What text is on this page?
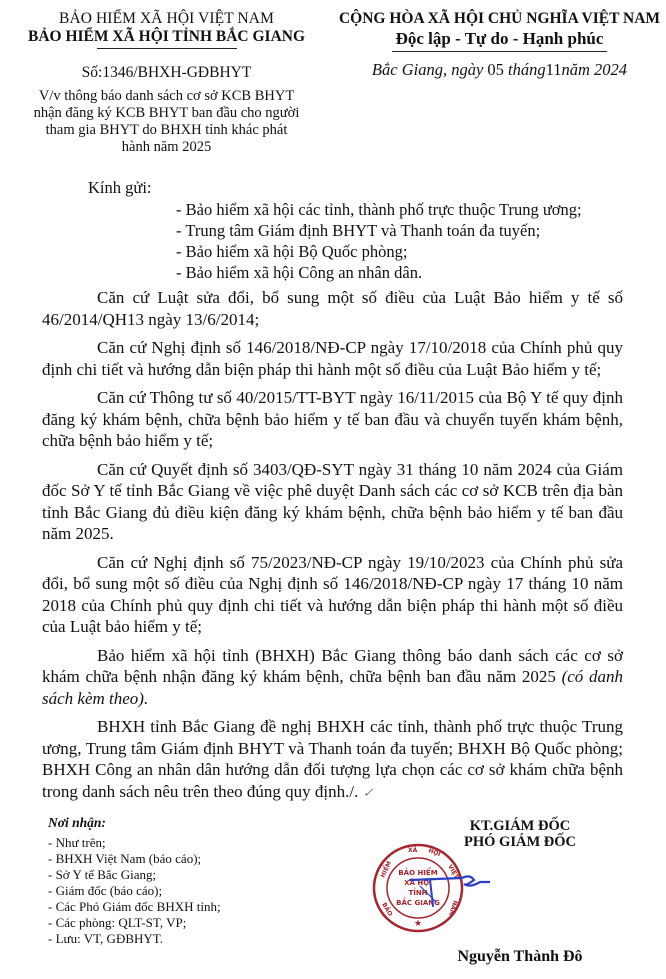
BẢO HIỂM XÃ HỘI VIỆT NAM
BẢO HIỂM XÃ HỘI TỈNH BẮC GIANG
Số:1346/BHXH-GĐBHYT
V/v thông báo danh sách cơ sở KCB BHYT
nhận đăng ký KCB BHYT ban đầu cho người
tham gia BHYT do BHXH tỉnh khác phát
hành năm 2025
CỘNG HÒA XÃ HỘI CHỦ NGHĨA VIỆT NAM
Độc lập - Tự do - Hạnh phúc
Bắc Giang, ngày 05 tháng11năm 2024
Kính gửi:
- Bảo hiểm xã hội các tỉnh, thành phố trực thuộc Trung ương;
- Trung tâm Giám định BHYT và Thanh toán đa tuyến;
- Bảo hiểm xã hội Bộ Quốc phòng;
- Bảo hiểm xã hội Công an nhân dân.

Căn cứ Luật sửa đổi, bổ sung một số điều của Luật Bảo hiểm y tế số 46/2014/QH13 ngày 13/6/2014;

Căn cứ Nghị định số 146/2018/NĐ-CP ngày 17/10/2018 của Chính phủ quy định chi tiết và hướng dẫn biện pháp thi hành một số điều của Luật Bảo hiểm y tế;

Căn cứ Thông tư số 40/2015/TT-BYT ngày 16/11/2015 của Bộ Y tế quy định đăng ký khám bệnh, chữa bệnh bảo hiểm y tế ban đầu và chuyển tuyến khám bệnh, chữa bệnh bảo hiểm y tế;

Căn cứ Quyết định số 3403/QĐ-SYT ngày 31 tháng 10 năm 2024 của Giám đốc Sở Y tế tỉnh Bắc Giang về việc phê duyệt Danh sách các cơ sở KCB trên địa bàn tỉnh Bắc Giang đủ điều kiện đăng ký khám bệnh, chữa bệnh bảo hiểm y tế ban đầu năm 2025.

Căn cứ Nghị định số 75/2023/NĐ-CP ngày 19/10/2023 của Chính phủ sửa đổi, bổ sung một số điều của Nghị định số 146/2018/NĐ-CP ngày 17 tháng 10 năm 2018 của Chính phủ quy định chi tiết và hướng dẫn biện pháp thi hành một số điều của Luật bảo hiểm y tế;

Bảo hiểm xã hội tỉnh (BHXH) Bắc Giang thông báo danh sách các cơ sở khám chữa bệnh nhận đăng ký khám bệnh, chữa bệnh ban đầu năm 2025 (có danh sách kèm theo).

BHXH tỉnh Bắc Giang đề nghị BHXH các tỉnh, thành phố trực thuộc Trung ương, Trung tâm Giám định BHYT và Thanh toán đa tuyến; BHXH Bộ Quốc phòng; BHXH Công an nhân dân hướng dẫn đối tượng lựa chọn các cơ sở khám chữa bệnh trong danh sách nêu trên theo đúng quy định./. ✓

Nơi nhận:
- Như trên;
- BHXH Việt Nam (báo cáo);
- Sở Y tế Bắc Giang;
- Giám đốc (báo cáo);
- Các Phó Giám đốc BHXH tỉnh;
- Các phòng: QLT-ST, VP;
- Lưu: VT, GĐBHYT.
KT.GIÁM ĐỐC
PHÓ GIÁM ĐỐC
BẢO HIỂM
XÃ HỘI
TỈNH
BẮC GIANG
HIỂM
XÃ HỘI
VIỆT
NAM
BẢO
★
Nguyễn Thành Đô
